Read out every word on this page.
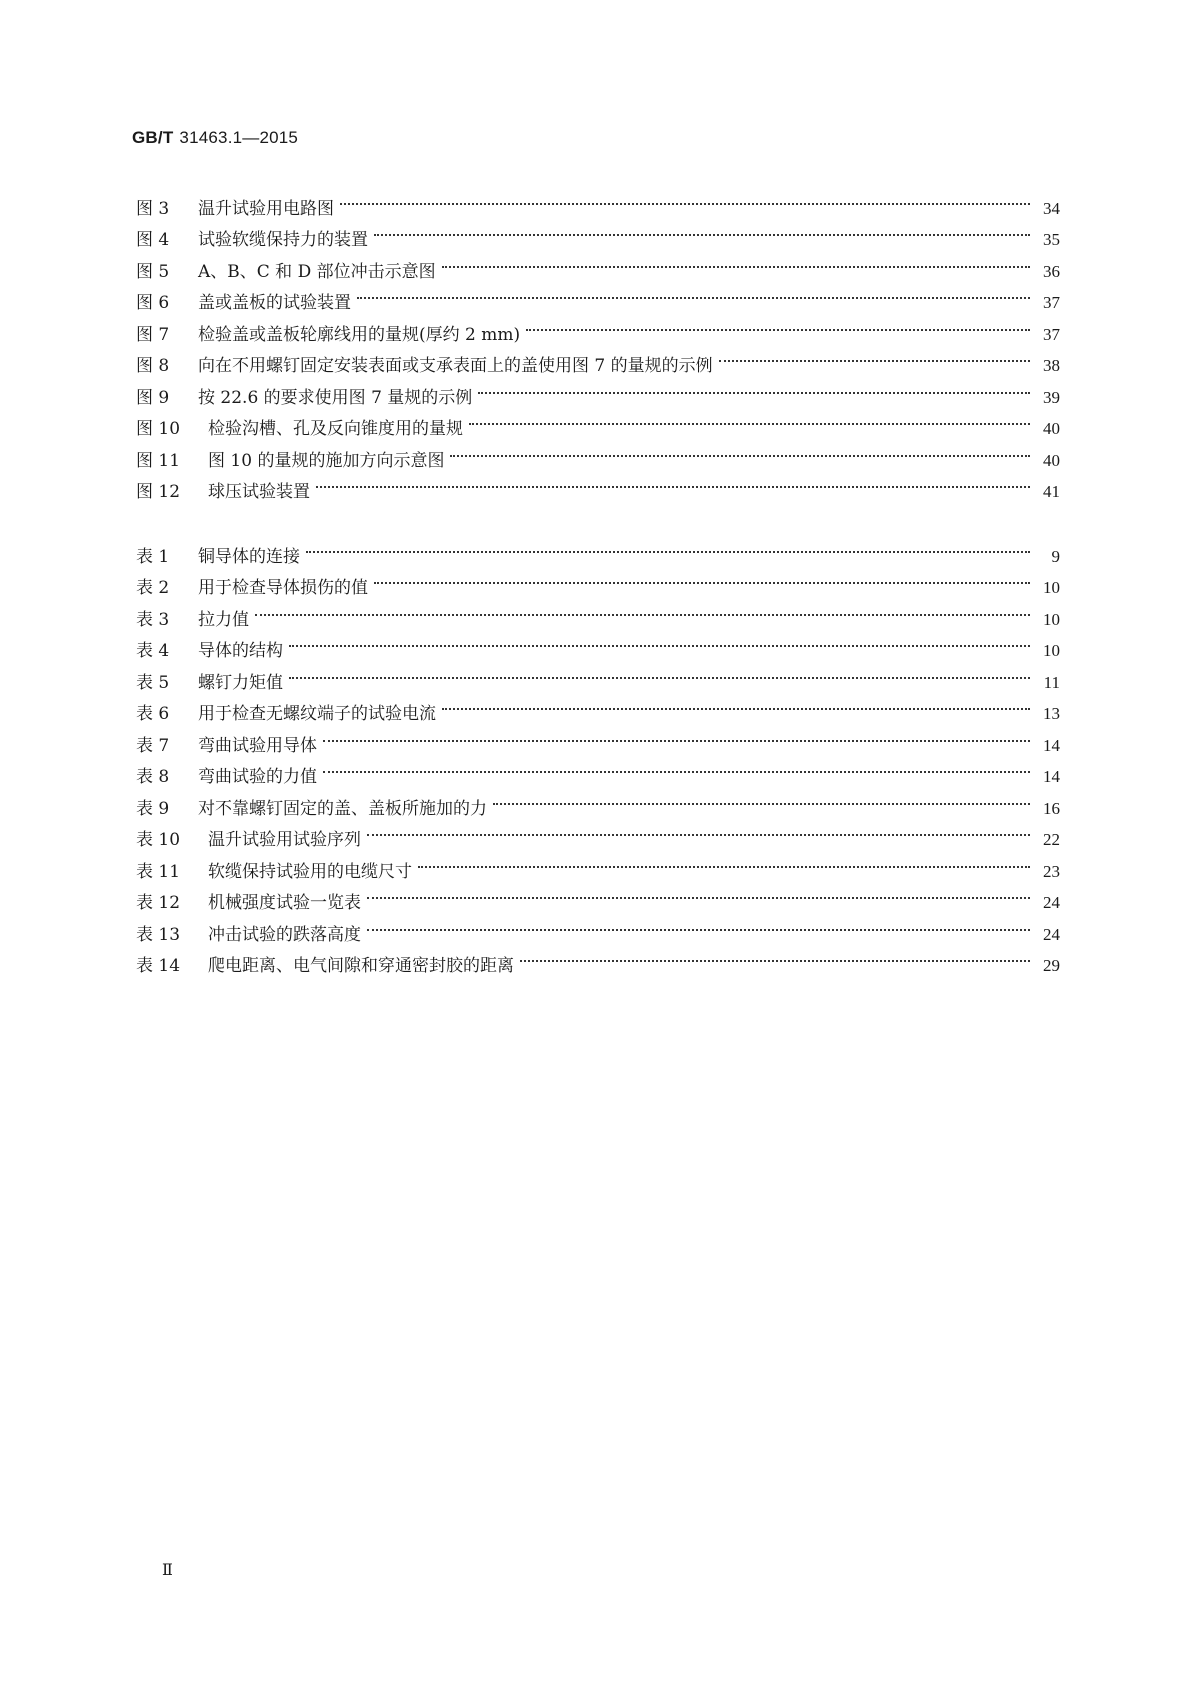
GB/T 31463.1—2015
图 3	温升试验用电路图	34
图 4	试验软缆保持力的装置	35
图 5	A、B、C 和 D 部位冲击示意图	36
图 6	盖或盖板的试验装置	37
图 7	检验盖或盖板轮廓线用的量规(厚约 2 mm)	37
图 8	向在不用螺钉固定安装表面或支承表面上的盖使用图 7 的量规的示例	38
图 9	按 22.6 的要求使用图 7 量规的示例	39
图 10	检验沟槽、孔及反向锥度用的量规	40
图 11	图 10 的量规的施加方向示意图	40
图 12	球压试验装置	41
表 1	铜导体的连接	9
表 2	用于检查导体损伤的值	10
表 3	拉力值	10
表 4	导体的结构	10
表 5	螺钉力矩值	11
表 6	用于检查无螺纹端子的试验电流	13
表 7	弯曲试验用导体	14
表 8	弯曲试验的力值	14
表 9	对不靠螺钉固定的盖、盖板所施加的力	16
表 10	温升试验用试验序列	22
表 11	软缆保持试验用的电缆尺寸	23
表 12	机械强度试验一览表	24
表 13	冲击试验的跌落高度	24
表 14	爬电距离、电气间隙和穿通密封胶的距离	29
Ⅱ
